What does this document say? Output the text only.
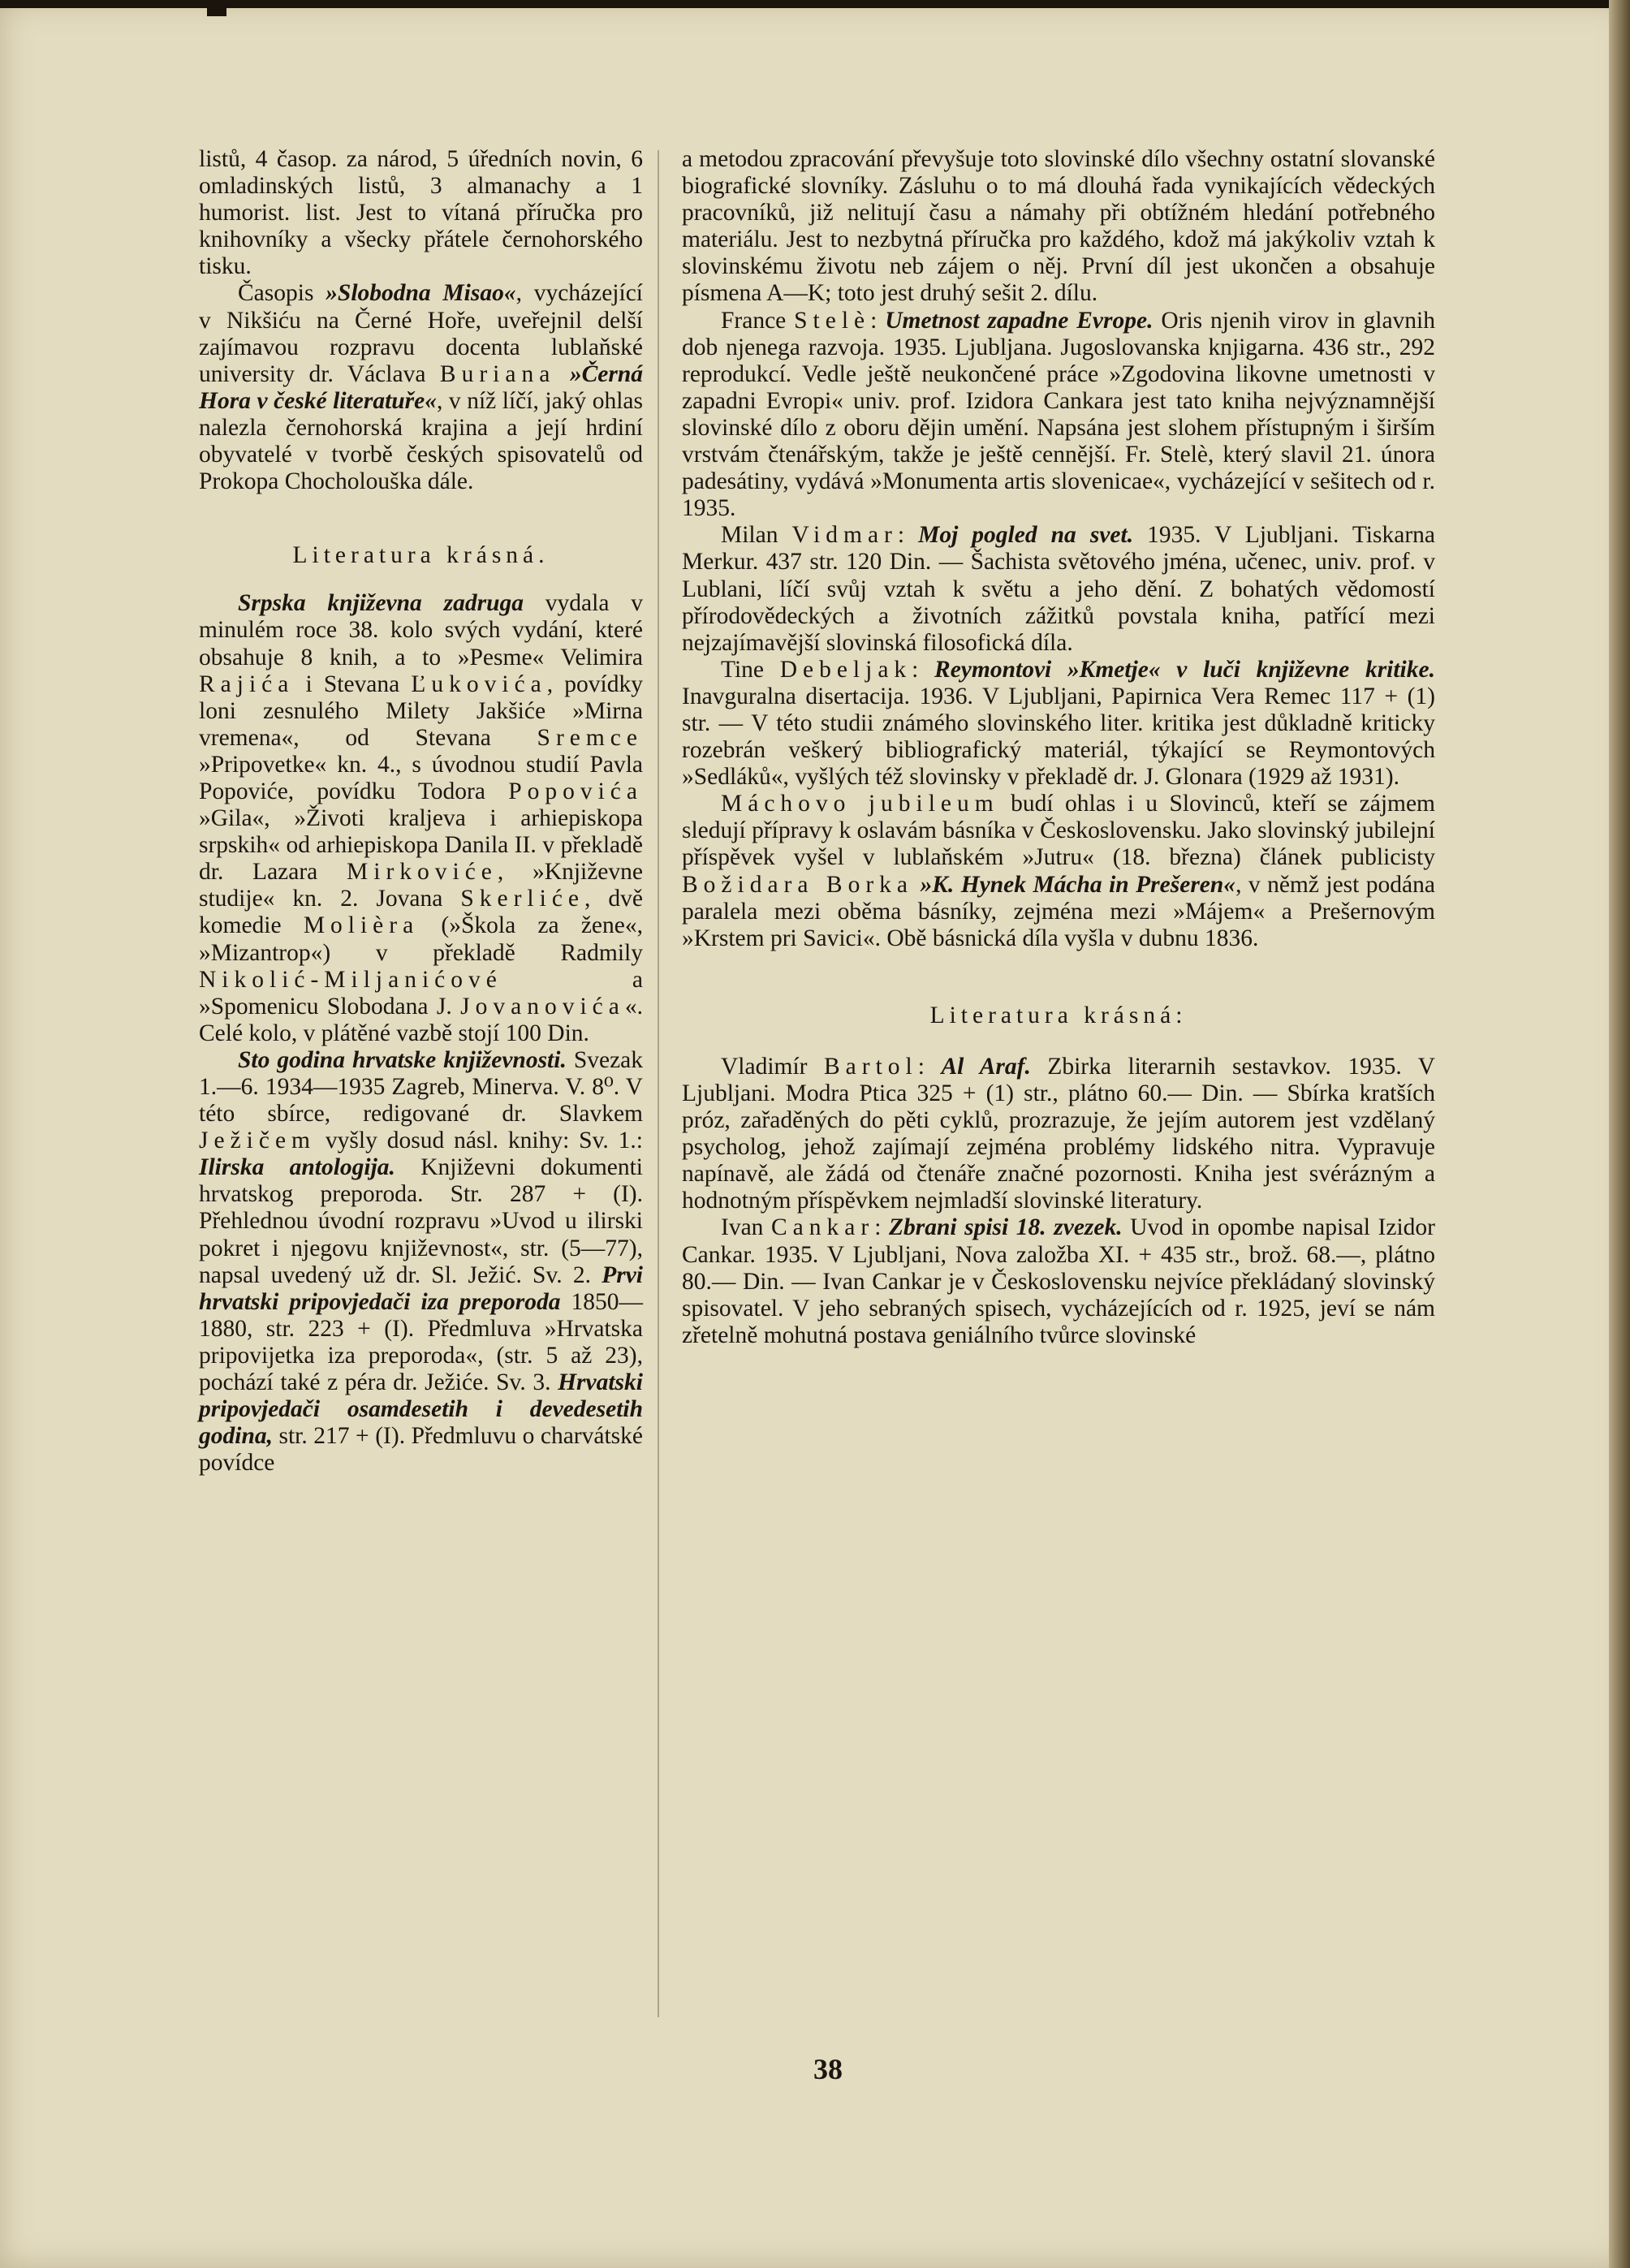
listů, 4 časop. za národ, 5 úředních novin, 6 omladinských listů, 3 almanachy a 1 humorist. list. Jest to vítaná příručka pro knihovníky a všecky přátele černohorského tisku.

Časopis »Slobodna Misao«, vycházející v Nikšiću na Černé Hoře, uveřejnil delší zajímavou rozpravu docenta lublaňské university dr. Václava Buriana »Černá Hora v české literatuře«, v níž líčí, jaký ohlas nalezla černohorská krajina a její hrdiní obyvatelé v tvorbě českých spisovatelů od Prokopa Chocholouška dále.

Literatura krásná.

Srpska književna zadruga vydala v minulém roce 38. kolo svých vydání, které obsahuje 8 knih, a to »Pesme« Velimira Rajića i Stevana Ľukovića, povídky loni zesnulého Milety Jakšiće »Mirna vremena«, od Stevana Sremce »Pripovetke« kn. 4., s úvodnou studií Pavla Popoviće, povídku Todora Popovića »Gila«, »Životi kraljeva i arhiepiskopa srpskih« od arhiepiskopa Danila II. v překladě dr. Lazara Mirkoviće, »Književne studije« kn. 2. Jovana Skerliće, dvě komedie Molièra (»Škola za žene«, »Mizantrop«) v překladě Radmily Nikolić-Miljanićové a »Spomenicu Slobodana J. Jovanovića«. Celé kolo, v plátěné vazbě stojí 100 Din.

Sto godina hrvatske književnosti. Svezak 1.—6. 1934—1935 Zagreb, Minerva. V. 8⁰. V této sbírce, redigované dr. Slavkem Ježičem vyšly dosud násl. knihy: Sv. 1.: Ilirska antologija. Književni dokumenti hrvatskog preporoda. Str. 287 + (I). Přehlednou úvodní rozpravu »Uvod u ilirski pokret i njegovu književnost«, str. (5—77), napsal uvedený už dr. Sl. Ježić. Sv. 2. Prvi hrvatski pripovjedači iza preporoda 1850—1880, str. 223 + (I). Předmluva »Hrvatska pripovijetka iza preporoda«, (str. 5 až 23), pochází také z péra dr. Ježiće. Sv. 3. Hrvatski pripovjedači osamdesetih i devedesetih godina, str. 217 + (I). Předmluvu o charvátské povídce

a metodou zpracování převyšuje toto slovinské dílo všechny ostatní slovanské biografické slovníky. Zásluhu o to má dlouhá řada vynikajících vědeckých pracovníků, již nelitují času a námahy při obtížném hledání potřebného materiálu. Jest to nezbytná příručka pro každého, kdož má jakýkoliv vztah k slovinskému životu neb zájem o něj. První díl jest ukončen a obsahuje písmena A—K; toto jest druhý sešit 2. dílu.

France Stelè: Umetnost zapadne Evrope. Oris njenih virov in glavnih dob njenega razvoja. 1935. Ljubljana. Jugoslovanska knjigarna. 436 str., 292 reprodukcí. Vedle ještě neukončené práce »Zgodovina likovne umetnosti v zapadni Evropi« univ. prof. Izidora Cankara jest tato kniha nejvýznamnější slovinské dílo z oboru dějin umění. Napsána jest slohem přístupným i širším vrstvám čtenářským, takže je ještě cennější. Fr. Stelè, který slavil 21. února padesátiny, vydává »Monumenta artis slovenicae«, vycházející v sešitech od r. 1935.

Milan Vidmar: Moj pogled na svet. 1935. V Ljubljani. Tiskarna Merkur. 437 str. 120 Din. — Šachista světového jména, učenec, univ. prof. v Lublani, líčí svůj vztah k světu a jeho dění. Z bohatých vědomostí přírodovědeckých a životních zážitků povstala kniha, patřící mezi nejzajímavější slovinská filosofická díla.

Tine Debeljak: Reymontovi »Kmetje« v luči književne kritike. Inavguralna disertacija. 1936. V Ljubljani, Papirnica Vera Remec 117 + (1) str. — V této studii známého slovinského liter. kritika jest důkladně kriticky rozebrán veškerý bibliografický materiál, týkající se Reymontových »Sedláků«, vyšlých též slovinsky v překladě dr. J. Glonara (1929 až 1931).

Máchovo jubileum budí ohlas i u Slovinců, kteří se zájmem sledují přípravy k oslavám básníka v Československu. Jako slovinský jubilejní příspěvek vyšel v lublaňském »Jutru« (18. března) článek publicisty Božidara Borka »K. Hynek Mácha in Prešeren«, v němž jest podána paralela mezi oběma básníky, zejména mezi »Májem« a Prešernovým »Krstem pri Savici«. Obě básnická díla vyšla v dubnu 1836.

Literatura krásná:

Vladimír Bartol: Al Araf. Zbirka literarnih sestavkov. 1935. V Ljubljani. Modra Ptica 325 + (1) str., plátno 60.— Din. — Sbírka kratších próz, zařaděných do pěti cyklů, prozrazuje, že jejím autorem jest vzdělaný psycholog, jehož zajímají zejména problémy lidského nitra. Vypravuje napínavě, ale žádá od čtenáře značné pozornosti. Kniha jest svérázným a hodnotným příspěvkem nejmladší slovinské literatury.

Ivan Cankar: Zbrani spisi 18. zvezek. Uvod in opombe napisal Izidor Cankar. 1935. V Ljubljani, Nova založba XI. + 435 str., brož. 68.—, plátno 80.— Din. — Ivan Cankar je v Československu nejvíce překládaný slovinský spisovatel. V jeho sebraných spisech, vycházejících od r. 1925, jeví se nám zřetelně mohutná postava geniálního tvůrce slovinské

38
